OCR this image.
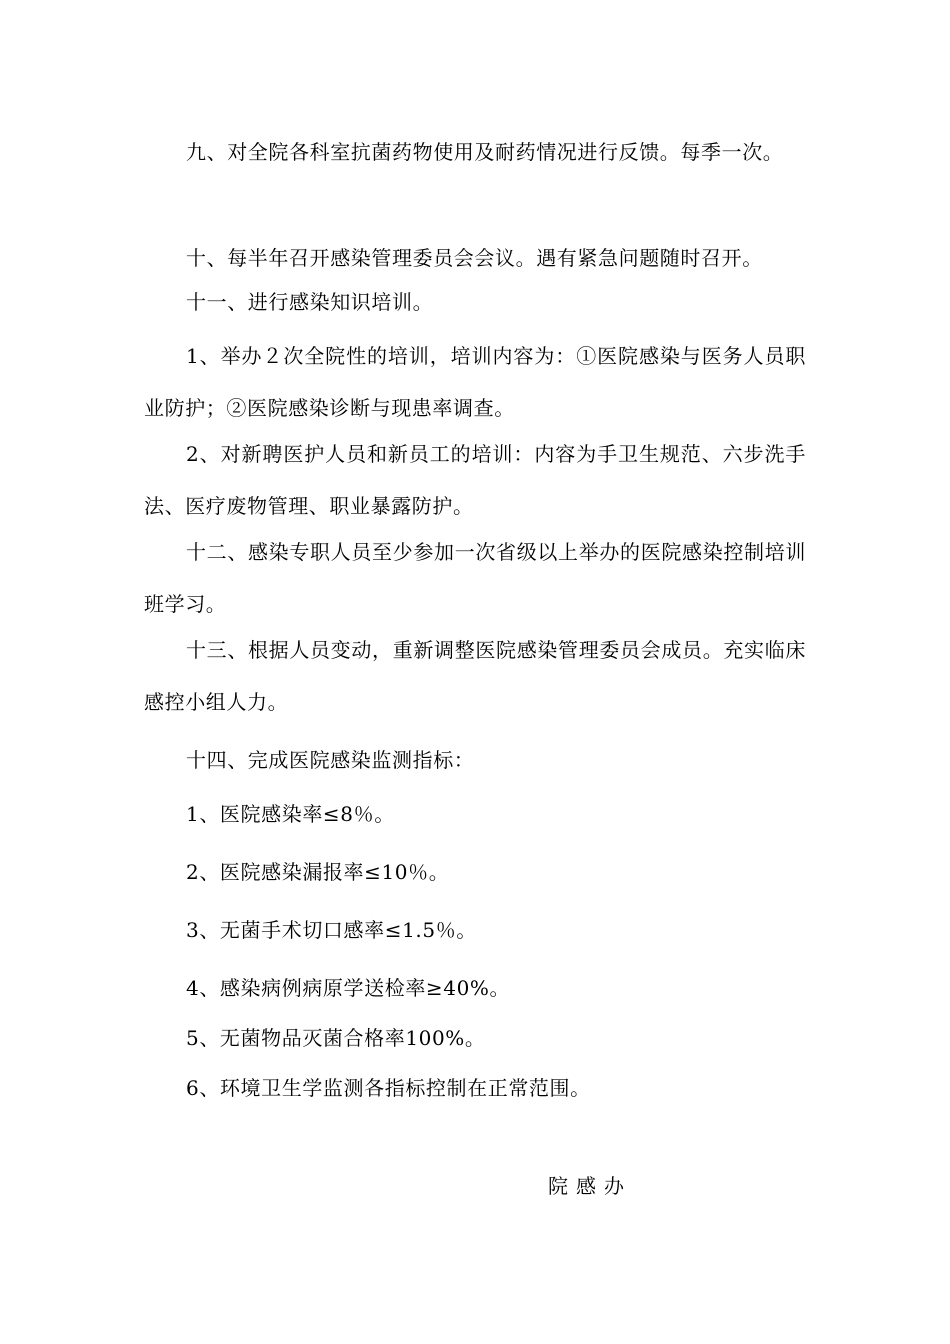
九、对全院各科室抗菌药物使用及耐药情况进行反馈。每季一次。

十、每半年召开感染管理委员会会议。遇有紧急问题随时召开。

十一、进行感染知识培训。

1、举办２次全院性的培训，培训内容为：①医院感染与医务人员职业防护；②医院感染诊断与现患率调查。

2、对新聘医护人员和新员工的培训：内容为手卫生规范、六步洗手法、医疗废物管理、职业暴露防护。

十二、感染专职人员至少参加一次省级以上举办的医院感染控制培训班学习。

十三、根据人员变动，重新调整医院感染管理委员会成员。充实临床感控小组人力。

十四、完成医院感染监测指标：

1、医院感染率≤8％。

2、医院感染漏报率≤10％。

3、无菌手术切口感率≤1.5％。

4、感染病例病原学送检率≥40%。

5、无菌物品灭菌合格率100%。

6、环境卫生学监测各指标控制在正常范围。

院感办
